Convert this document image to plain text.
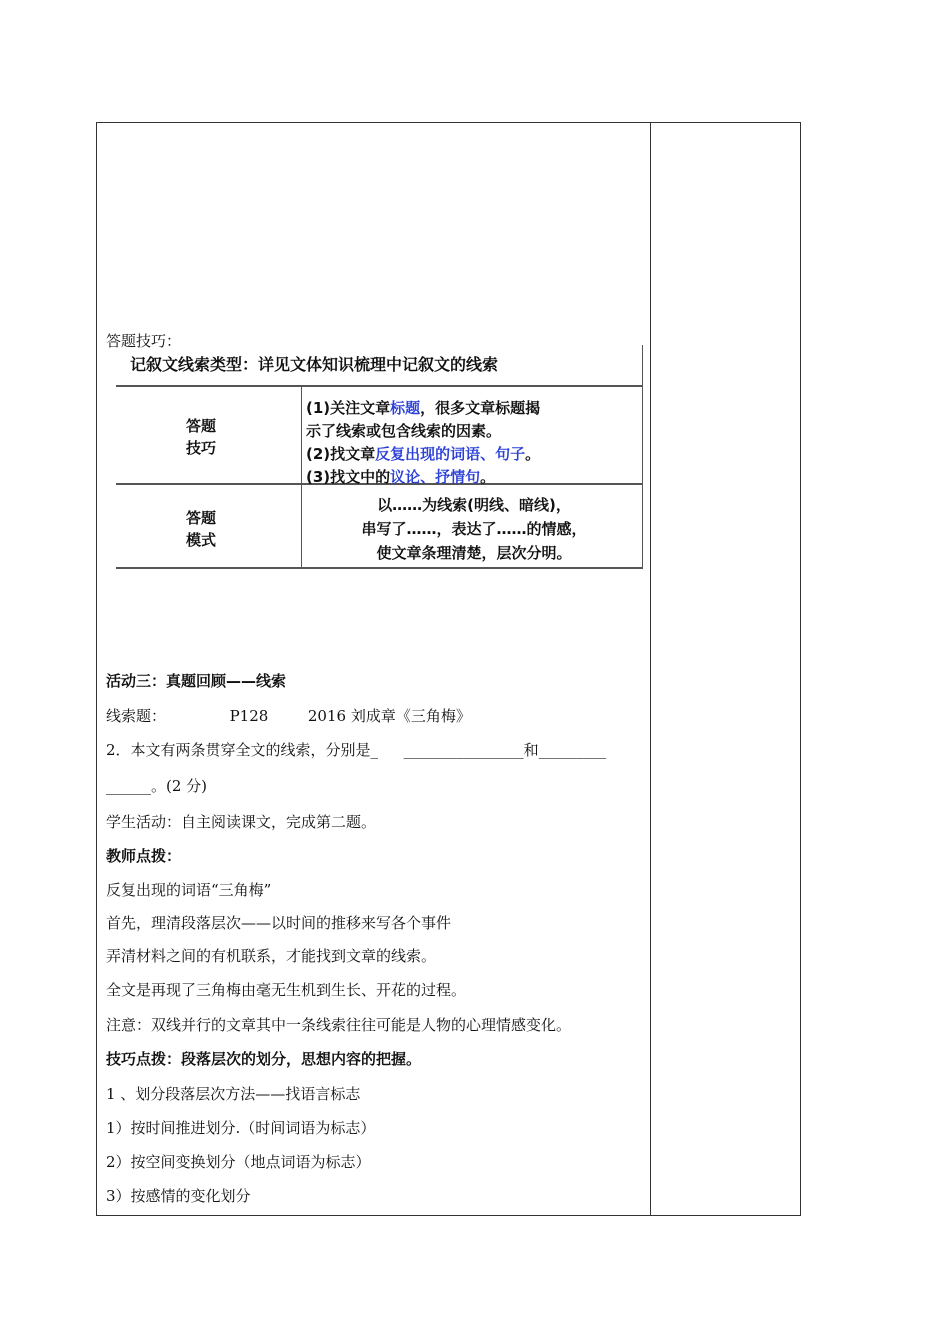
答题技巧：
记叙文线索类型：详见文体知识梳理中记叙文的线索
答题
技巧
(1)关注文章标题，很多文章标题揭
示了线索或包含线索的因素。
(2)找文章反复出现的词语、句子。
(3)找文中的议论、抒情句。
答题
模式
以……为线索(明线、暗线)，
串写了……，表达了……的情感，
使文章条理清楚，层次分明。
活动三：真题回顾——线索
线索题：	P128	2016 刘成章《三角梅》
2．本文有两条贯穿全文的线索，分别是_ ________________和_________
______。(2 分)
学生活动：自主阅读课文，完成第二题。
教师点拨：
反复出现的词语“三角梅”
首先，理清段落层次——以时间的推移来写各个事件
弄清材料之间的有机联系，才能找到文章的线索。
全文是再现了三角梅由毫无生机到生长、开花的过程。
注意：双线并行的文章其中一条线索往往可能是人物的心理情感变化。
技巧点拨：段落层次的划分，思想内容的把握。
1 、划分段落层次方法——找语言标志
1）按时间推进划分.（时间词语为标志）
2）按空间变换划分（地点词语为标志）
3）按感情的变化划分
